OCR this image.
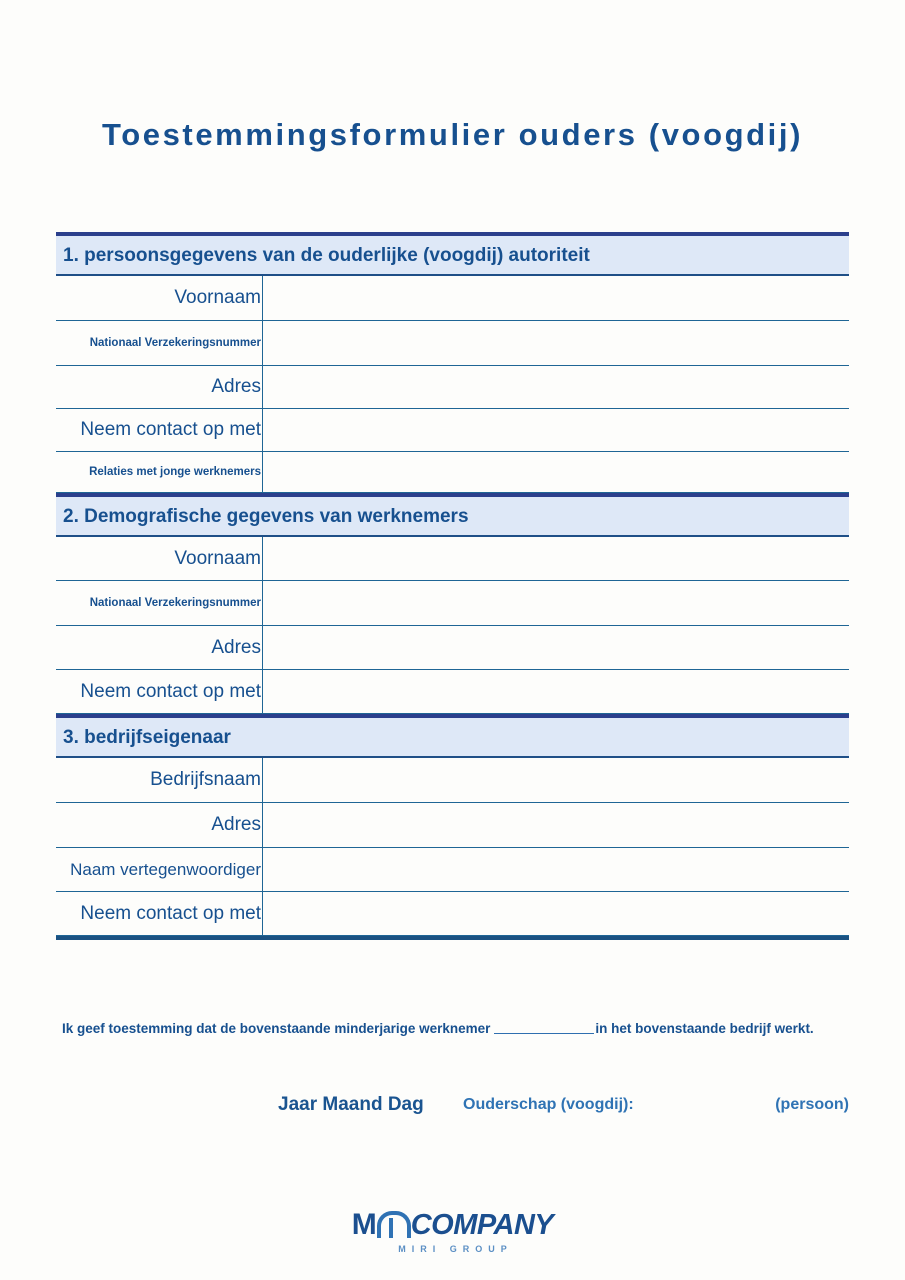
Toestemmingsformulier ouders (voogdij)
1. persoonsgegevens van de ouderlijke (voogdij) autoriteit
Voornaam
Nationaal Verzekeringsnummer
Adres
Neem contact op met
Relaties met jonge werknemers
2. Demografische gegevens van werknemers
Voornaam
Nationaal Verzekeringsnummer
Adres
Neem contact op met
3. bedrijfseigenaar
Bedrijfsnaam
Adres
Naam vertegenwoordiger
Neem contact op met
Ik geef toestemming dat de bovenstaande minderjarige werknemer	in het bovenstaande bedrijf werkt.
Jaar Maand Dag Ouderschap (voogdij):	(persoon)
M COMPANY
MIRI GROUP
